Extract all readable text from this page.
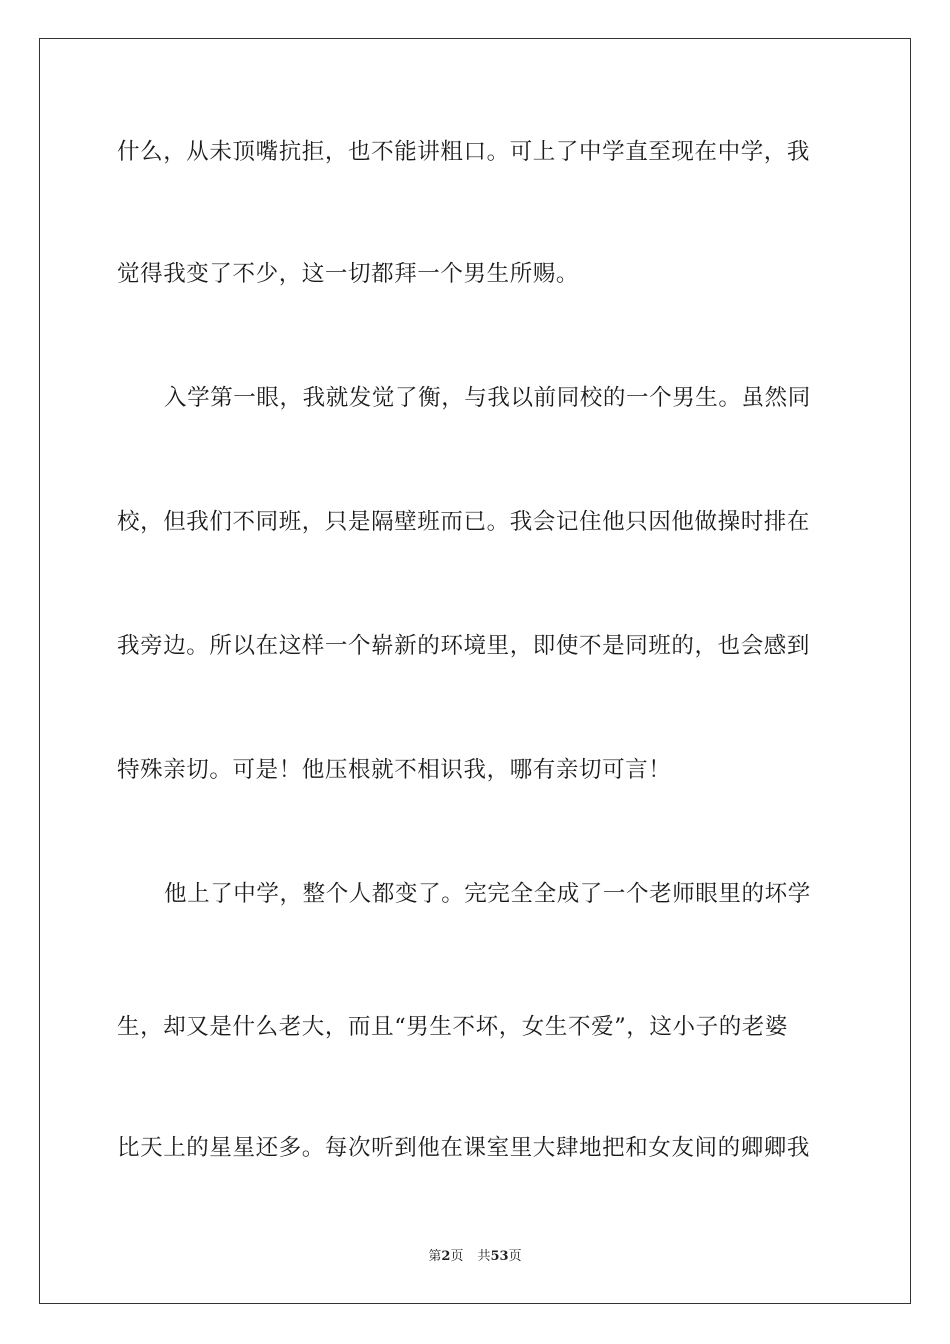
什么，从未顶嘴抗拒，也不能讲粗口。可上了中学直至现在中学，我
觉得我变了不少，这一切都拜一个男生所赐。
入学第一眼，我就发觉了衡，与我以前同校的一个男生。虽然同
校，但我们不同班，只是隔壁班而已。我会记住他只因他做操时排在
我旁边。所以在这样一个崭新的环境里，即使不是同班的，也会感到
特殊亲切。可是！他压根就不相识我，哪有亲切可言！
他上了中学，整个人都变了。完完全全成了一个老师眼里的坏学
生，却又是什么老大，而且“男生不坏，女生不爱”，这小子的老婆
比天上的星星还多。每次听到他在课室里大肆地把和女友间的卿卿我
第2页 共53页
